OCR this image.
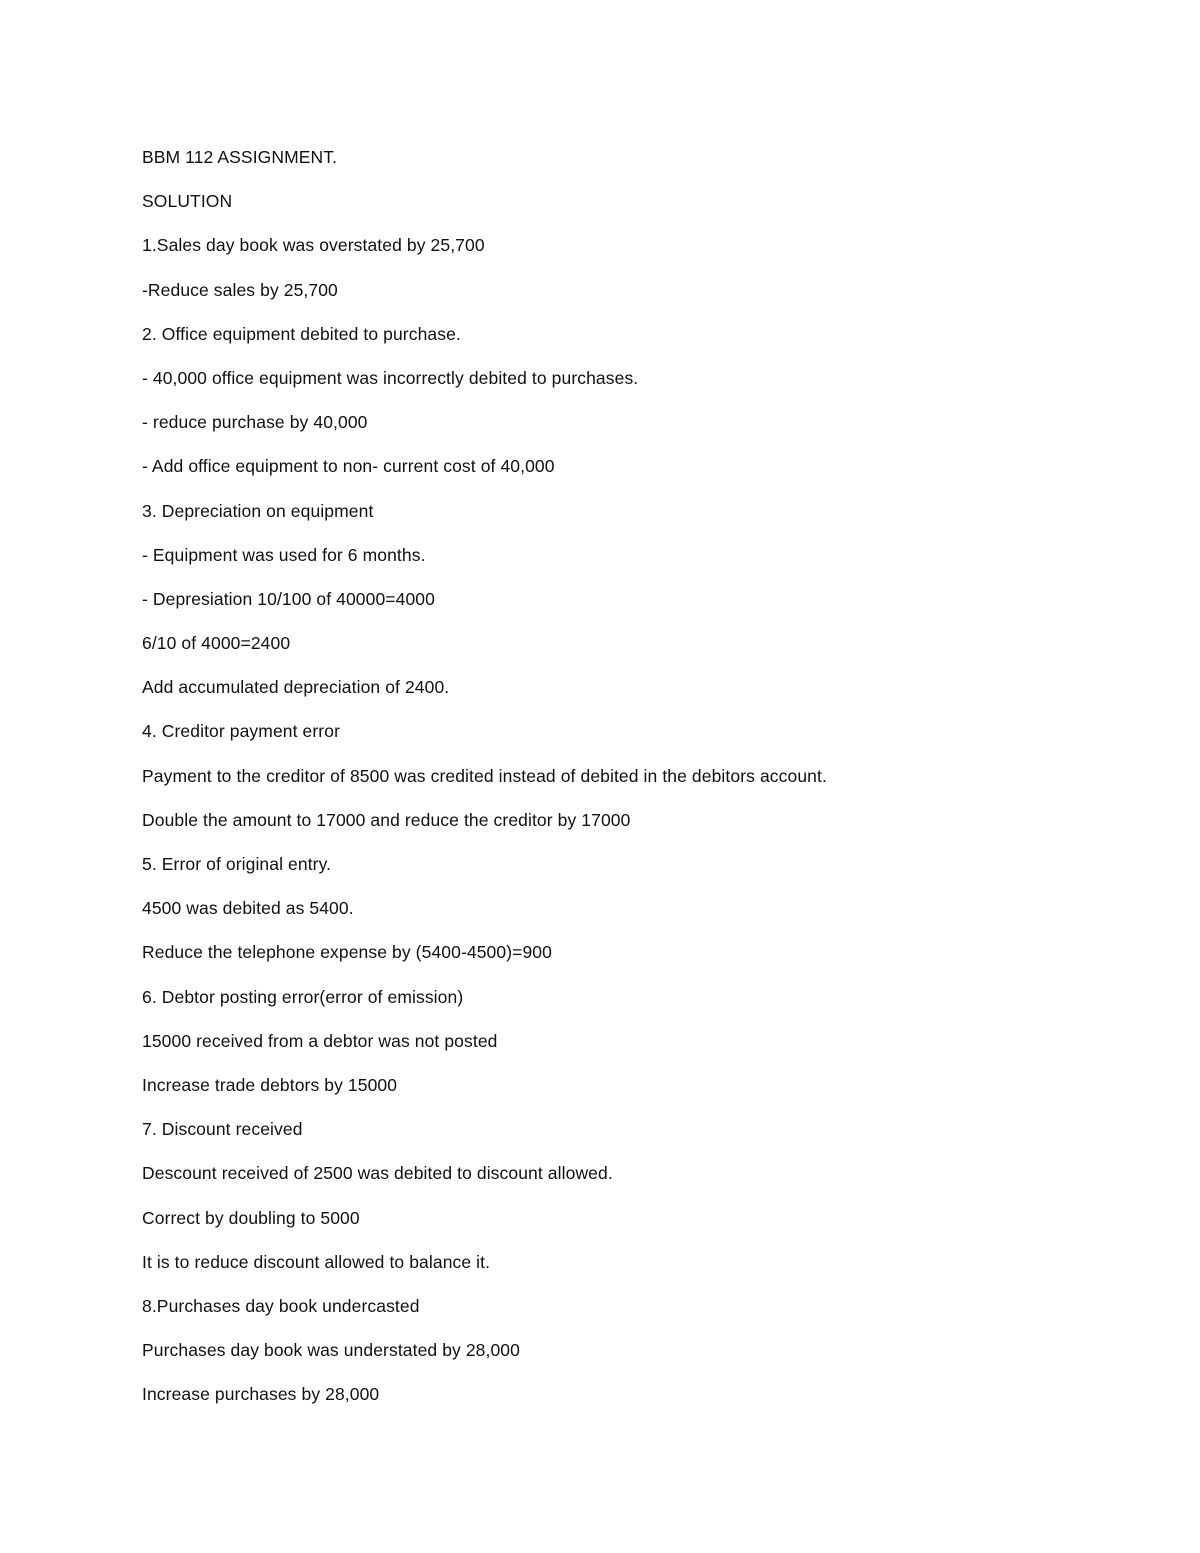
BBM 112 ASSIGNMENT.
SOLUTION
1.Sales day book was overstated by 25,700
-Reduce sales by 25,700
2. Office equipment debited to purchase.
- 40,000 office equipment was incorrectly debited to purchases.
- reduce purchase by 40,000
- Add office equipment to non- current cost of 40,000
3. Depreciation on equipment
- Equipment was used for 6 months.
- Depresiation 10/100 of 40000=4000
6/10 of 4000=2400
Add accumulated depreciation of 2400.
4. Creditor payment error
Payment to the creditor of 8500 was credited instead of debited in the debitors account.
Double the amount to 17000 and reduce the creditor by 17000
5. Error of original entry.
4500 was debited as 5400.
Reduce the telephone expense by (5400-4500)=900
6. Debtor posting error(error of emission)
15000 received from a debtor was not posted
Increase trade debtors by 15000
7. Discount received
Descount received of 2500 was debited to discount allowed.
Correct by doubling to 5000
It is to reduce discount allowed to balance it.
8.Purchases day book undercasted
Purchases day book was understated by 28,000
Increase purchases by 28,000
